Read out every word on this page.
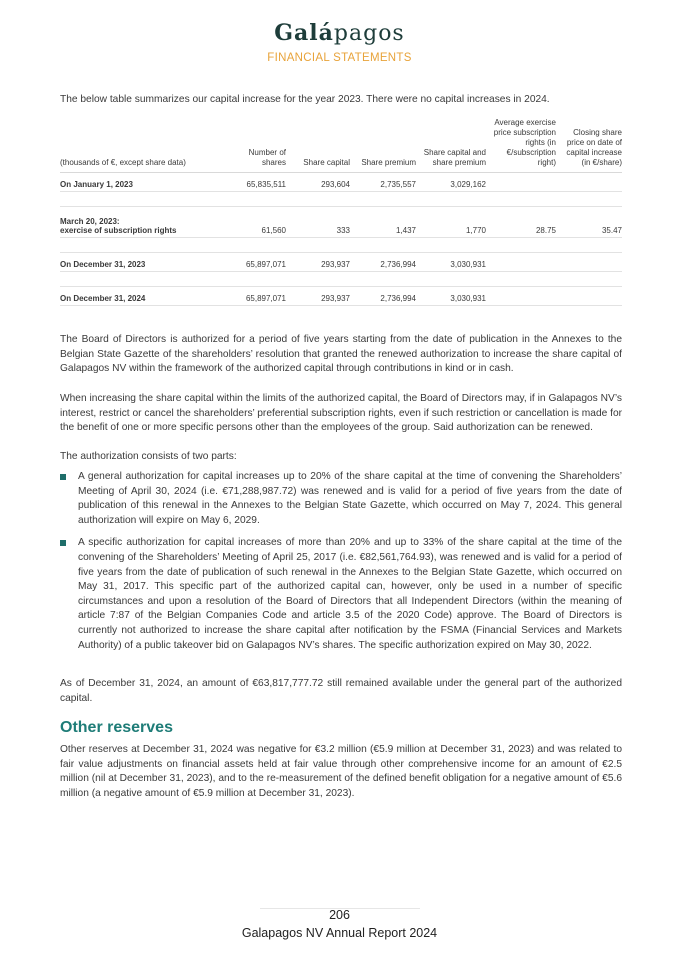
Galápagos
FINANCIAL STATEMENTS
The below table summarizes our capital increase for the year 2023. There were no capital increases in 2024.
(thousands of €, except share data)	Number of shares	Share capital	Share premium	Share capital and share premium	Average exercise price subscription rights (in €/subscription right)	Closing share price on date of capital increase (in €/share)
On January 1, 2023	65,835,511	293,604	2,735,557	3,029,162		

March 20, 2023:
exercise of subscription rights	61,560	333	1,437	1,770	28.75	35.47

On December 31, 2023	65,897,071	293,937	2,736,994	3,030,931		

On December 31, 2024	65,897,071	293,937	2,736,994	3,030,931		
The Board of Directors is authorized for a period of five years starting from the date of publication in the Annexes to the Belgian State Gazette of the shareholders’ resolution that granted the renewed authorization to increase the share capital of Galapagos NV within the framework of the authorized capital through contributions in kind or in cash.
When increasing the share capital within the limits of the authorized capital, the Board of Directors may, if in Galapagos NV’s interest, restrict or cancel the shareholders’ preferential subscription rights, even if such restriction or cancellation is made for the benefit of one or more specific persons other than the employees of the group. Said authorization can be renewed.
The authorization consists of two parts:
A general authorization for capital increases up to 20% of the share capital at the time of convening the Shareholders’ Meeting of April 30, 2024 (i.e. €71,288,987.72) was renewed and is valid for a period of five years from the date of publication of this renewal in the Annexes to the Belgian State Gazette, which occurred on May 7, 2024. This general authorization will expire on May 6, 2029.
A specific authorization for capital increases of more than 20% and up to 33% of the share capital at the time of the convening of the Shareholders’ Meeting of April 25, 2017 (i.e. €82,561,764.93), was renewed and is valid for a period of five years from the date of publication of such renewal in the Annexes to the Belgian State Gazette, which occurred on May 31, 2017. This specific part of the authorized capital can, however, only be used in a number of specific circumstances and upon a resolution of the Board of Directors that all Independent Directors (within the meaning of article 7:87 of the Belgian Companies Code and article 3.5 of the 2020 Code) approve. The Board of Directors is currently not authorized to increase the share capital after notification by the FSMA (Financial Services and Markets Authority) of a public takeover bid on Galapagos NV’s shares. The specific authorization expired on May 30, 2022.
As of December 31, 2024, an amount of €63,817,777.72 still remained available under the general part of the authorized capital.
Other reserves
Other reserves at December 31, 2024 was negative for €3.2 million (€5.9 million at December 31, 2023) and was related to fair value adjustments on financial assets held at fair value through other comprehensive income for an amount of €2.5 million (nil at December 31, 2023), and to the re-measurement of the defined benefit obligation for a negative amount of €5.6 million (a negative amount of €5.9 million at December 31, 2023).
206
Galapagos NV Annual Report 2024
